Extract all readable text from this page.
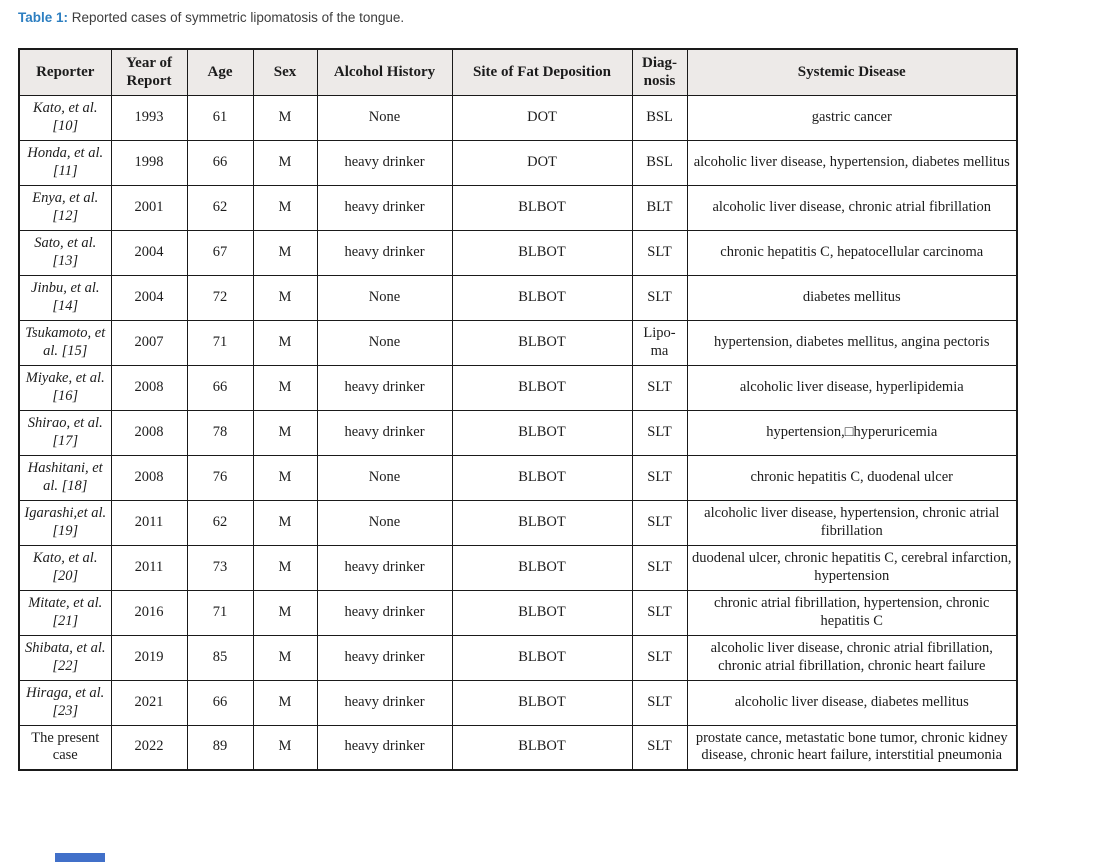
Table 1: Reported cases of symmetric lipomatosis of the tongue.
Reporter	Year of Report	Age	Sex	Alcohol History	Site of Fat Deposition	Diag-nosis	Systemic Disease
Kato, et al. [10]	1993	61	M	None	DOT	BSL	gastric cancer
Honda, et al. [11]	1998	66	M	heavy drinker	DOT	BSL	alcoholic liver disease, hypertension, diabetes mellitus
Enya, et al. [12]	2001	62	M	heavy drinker	BLBOT	BLT	alcoholic liver disease, chronic atrial fibrillation
Sato, et al. [13]	2004	67	M	heavy drinker	BLBOT	SLT	chronic hepatitis C, hepatocellular carcinoma
Jinbu, et al. [14]	2004	72	M	None	BLBOT	SLT	diabetes mellitus
Tsukamoto, et al. [15]	2007	71	M	None	BLBOT	Lipo-ma	hypertension, diabetes mellitus, angina pectoris
Miyake, et al. [16]	2008	66	M	heavy drinker	BLBOT	SLT	alcoholic liver disease, hyperlipidemia
Shirao, et al. [17]	2008	78	M	heavy drinker	BLBOT	SLT	hypertension,□hyperuricemia
Hashitani, et al. [18]	2008	76	M	None	BLBOT	SLT	chronic hepatitis C, duodenal ulcer
Igarashi,et al. [19]	2011	62	M	None	BLBOT	SLT	alcoholic liver disease, hypertension, chronic atrial fibrillation
Kato, et al. [20]	2011	73	M	heavy drinker	BLBOT	SLT	duodenal ulcer, chronic hepatitis C, cerebral infarction, hypertension
Mitate, et al. [21]	2016	71	M	heavy drinker	BLBOT	SLT	chronic atrial fibrillation, hypertension, chronic hepatitis C
Shibata, et al. [22]	2019	85	M	heavy drinker	BLBOT	SLT	alcoholic liver disease, chronic atrial fibrillation, chronic atrial fibrillation, chronic heart failure
Hiraga, et al. [23]	2021	66	M	heavy drinker	BLBOT	SLT	alcoholic liver disease, diabetes mellitus
The present case	2022	89	M	heavy drinker	BLBOT	SLT	prostate cance, metastatic bone tumor, chronic kidney disease, chronic heart failure, interstitial pneumonia
